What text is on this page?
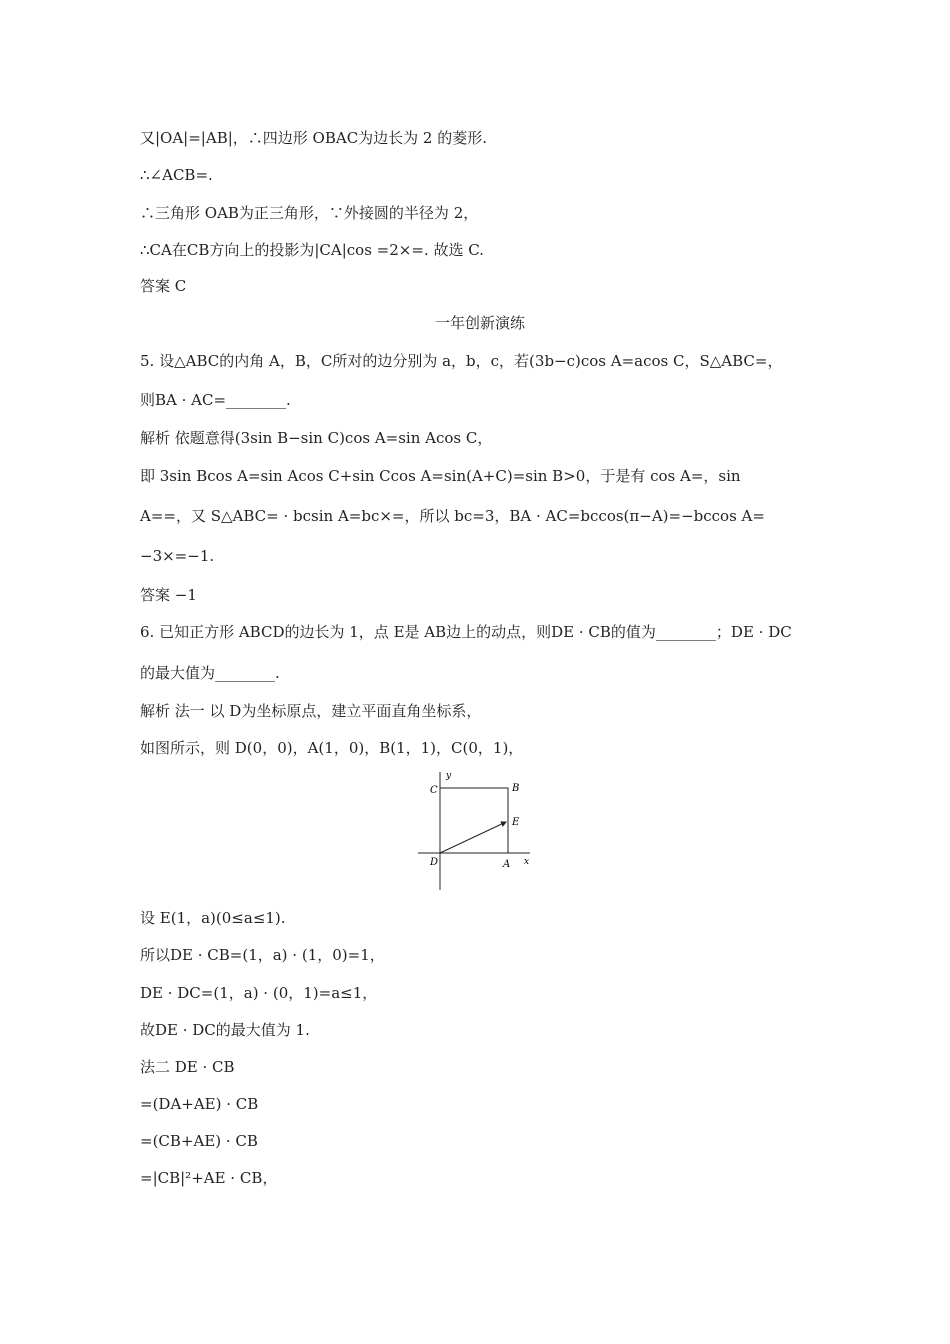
又|OA|=|AB|，∴四边形 OBAC为边长为 2 的菱形.
∴∠ACB=.
∴三角形 OAB为正三角形，∵外接圆的半径为 2，
∴CA在CB方向上的投影为|CA|cos =2×=. 故选 C.
答案 C
一年创新演练
5. 设△ABC的内角 A，B，C所对的边分别为 a，b，c，若(3b−c)cos A=acos C，S△ABC=，
则BA · AC=________.
解析 依题意得(3sin B−sin C)cos A=sin Acos C，
即 3sin Bcos A=sin Acos C+sin Ccos A=sin(A+C)=sin B>0，于是有 cos A=，sin
A==，又 S△ABC= · bcsin A=bc×=，所以 bc=3，BA · AC=bccos(π−A)=−bccos A=
−3×=−1.
答案 −1
6. 已知正方形 ABCD的边长为 1，点 E是 AB边上的动点，则DE · CB的值为________；DE · DC
的最大值为________.
解析 法一 以 D为坐标原点，建立平面直角坐标系，
如图所示，则 D(0，0)，A(1，0)，B(1，1)，C(0，1)，
y
x
C	B
E
D	A
设 E(1，a)(0≤a≤1).
所以DE · CB=(1，a) · (1，0)=1，
DE · DC=(1，a) · (0，1)=a≤1，
故DE · DC的最大值为 1.
法二 DE · CB
=(DA+AE) · CB
=(CB+AE) · CB
=|CB|²+AE · CB，
